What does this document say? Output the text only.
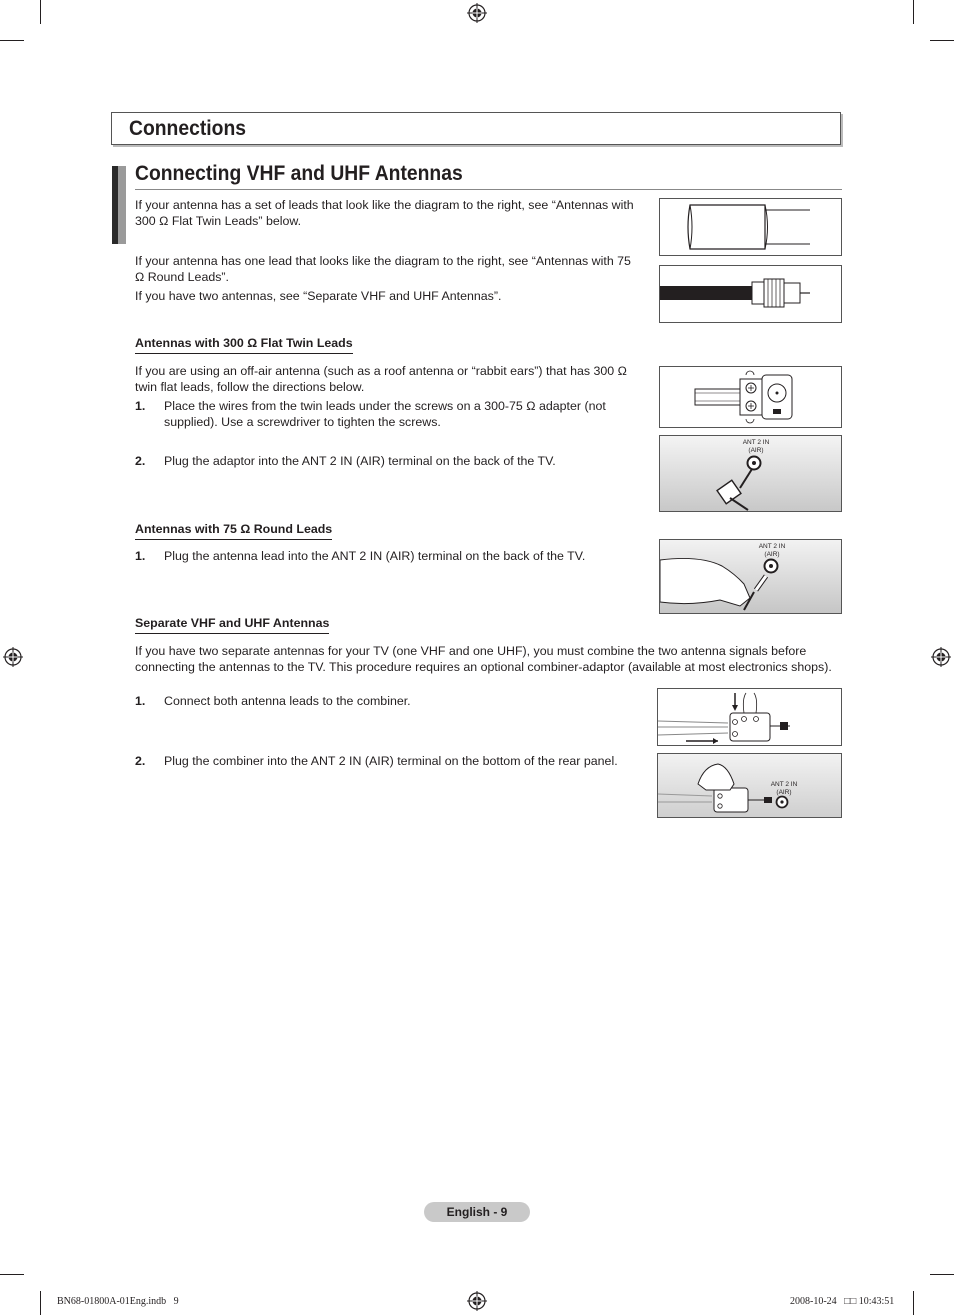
Connections
Connecting VHF and UHF Antennas
If your antenna has a set of leads that look like the diagram to the right, see “Antennas with 300 Ω Flat Twin Leads” below.
If your antenna has one lead that looks like the diagram to the right, see “Antennas with 75 Ω Round Leads”.
If you have two antennas, see “Separate VHF and UHF Antennas”.
Antennas with 300 Ω Flat Twin Leads
If you are using an off-air antenna (such as a roof antenna or “rabbit ears”) that has 300 Ω twin flat leads, follow the directions below.
1. Place the wires from the twin leads under the screws on a 300-75 Ω adapter (not supplied). Use a screwdriver to tighten the screws.
2. Plug the adaptor into the ANT 2 IN (AIR) terminal on the back of the TV.
ANT 2 IN
(AIR)
Antennas with 75 Ω Round Leads
1. Plug the antenna lead into the ANT 2 IN (AIR) terminal on the back of the TV.
ANT 2 IN
(AIR)
Separate VHF and UHF Antennas
If you have two separate antennas for your TV (one VHF and one UHF), you must combine the two antenna signals before connecting the antennas to the TV. This procedure requires an optional combiner-adaptor (available at most electronics shops).
1. Connect both antenna leads to the combiner.
2. Plug the combiner into the ANT 2 IN (AIR) terminal on the bottom of the rear panel.
ANT 2 IN
(AIR)
English - 9
BN68-01800A-01Eng.indb   9	2008-10-24   □□ 10:43:51
